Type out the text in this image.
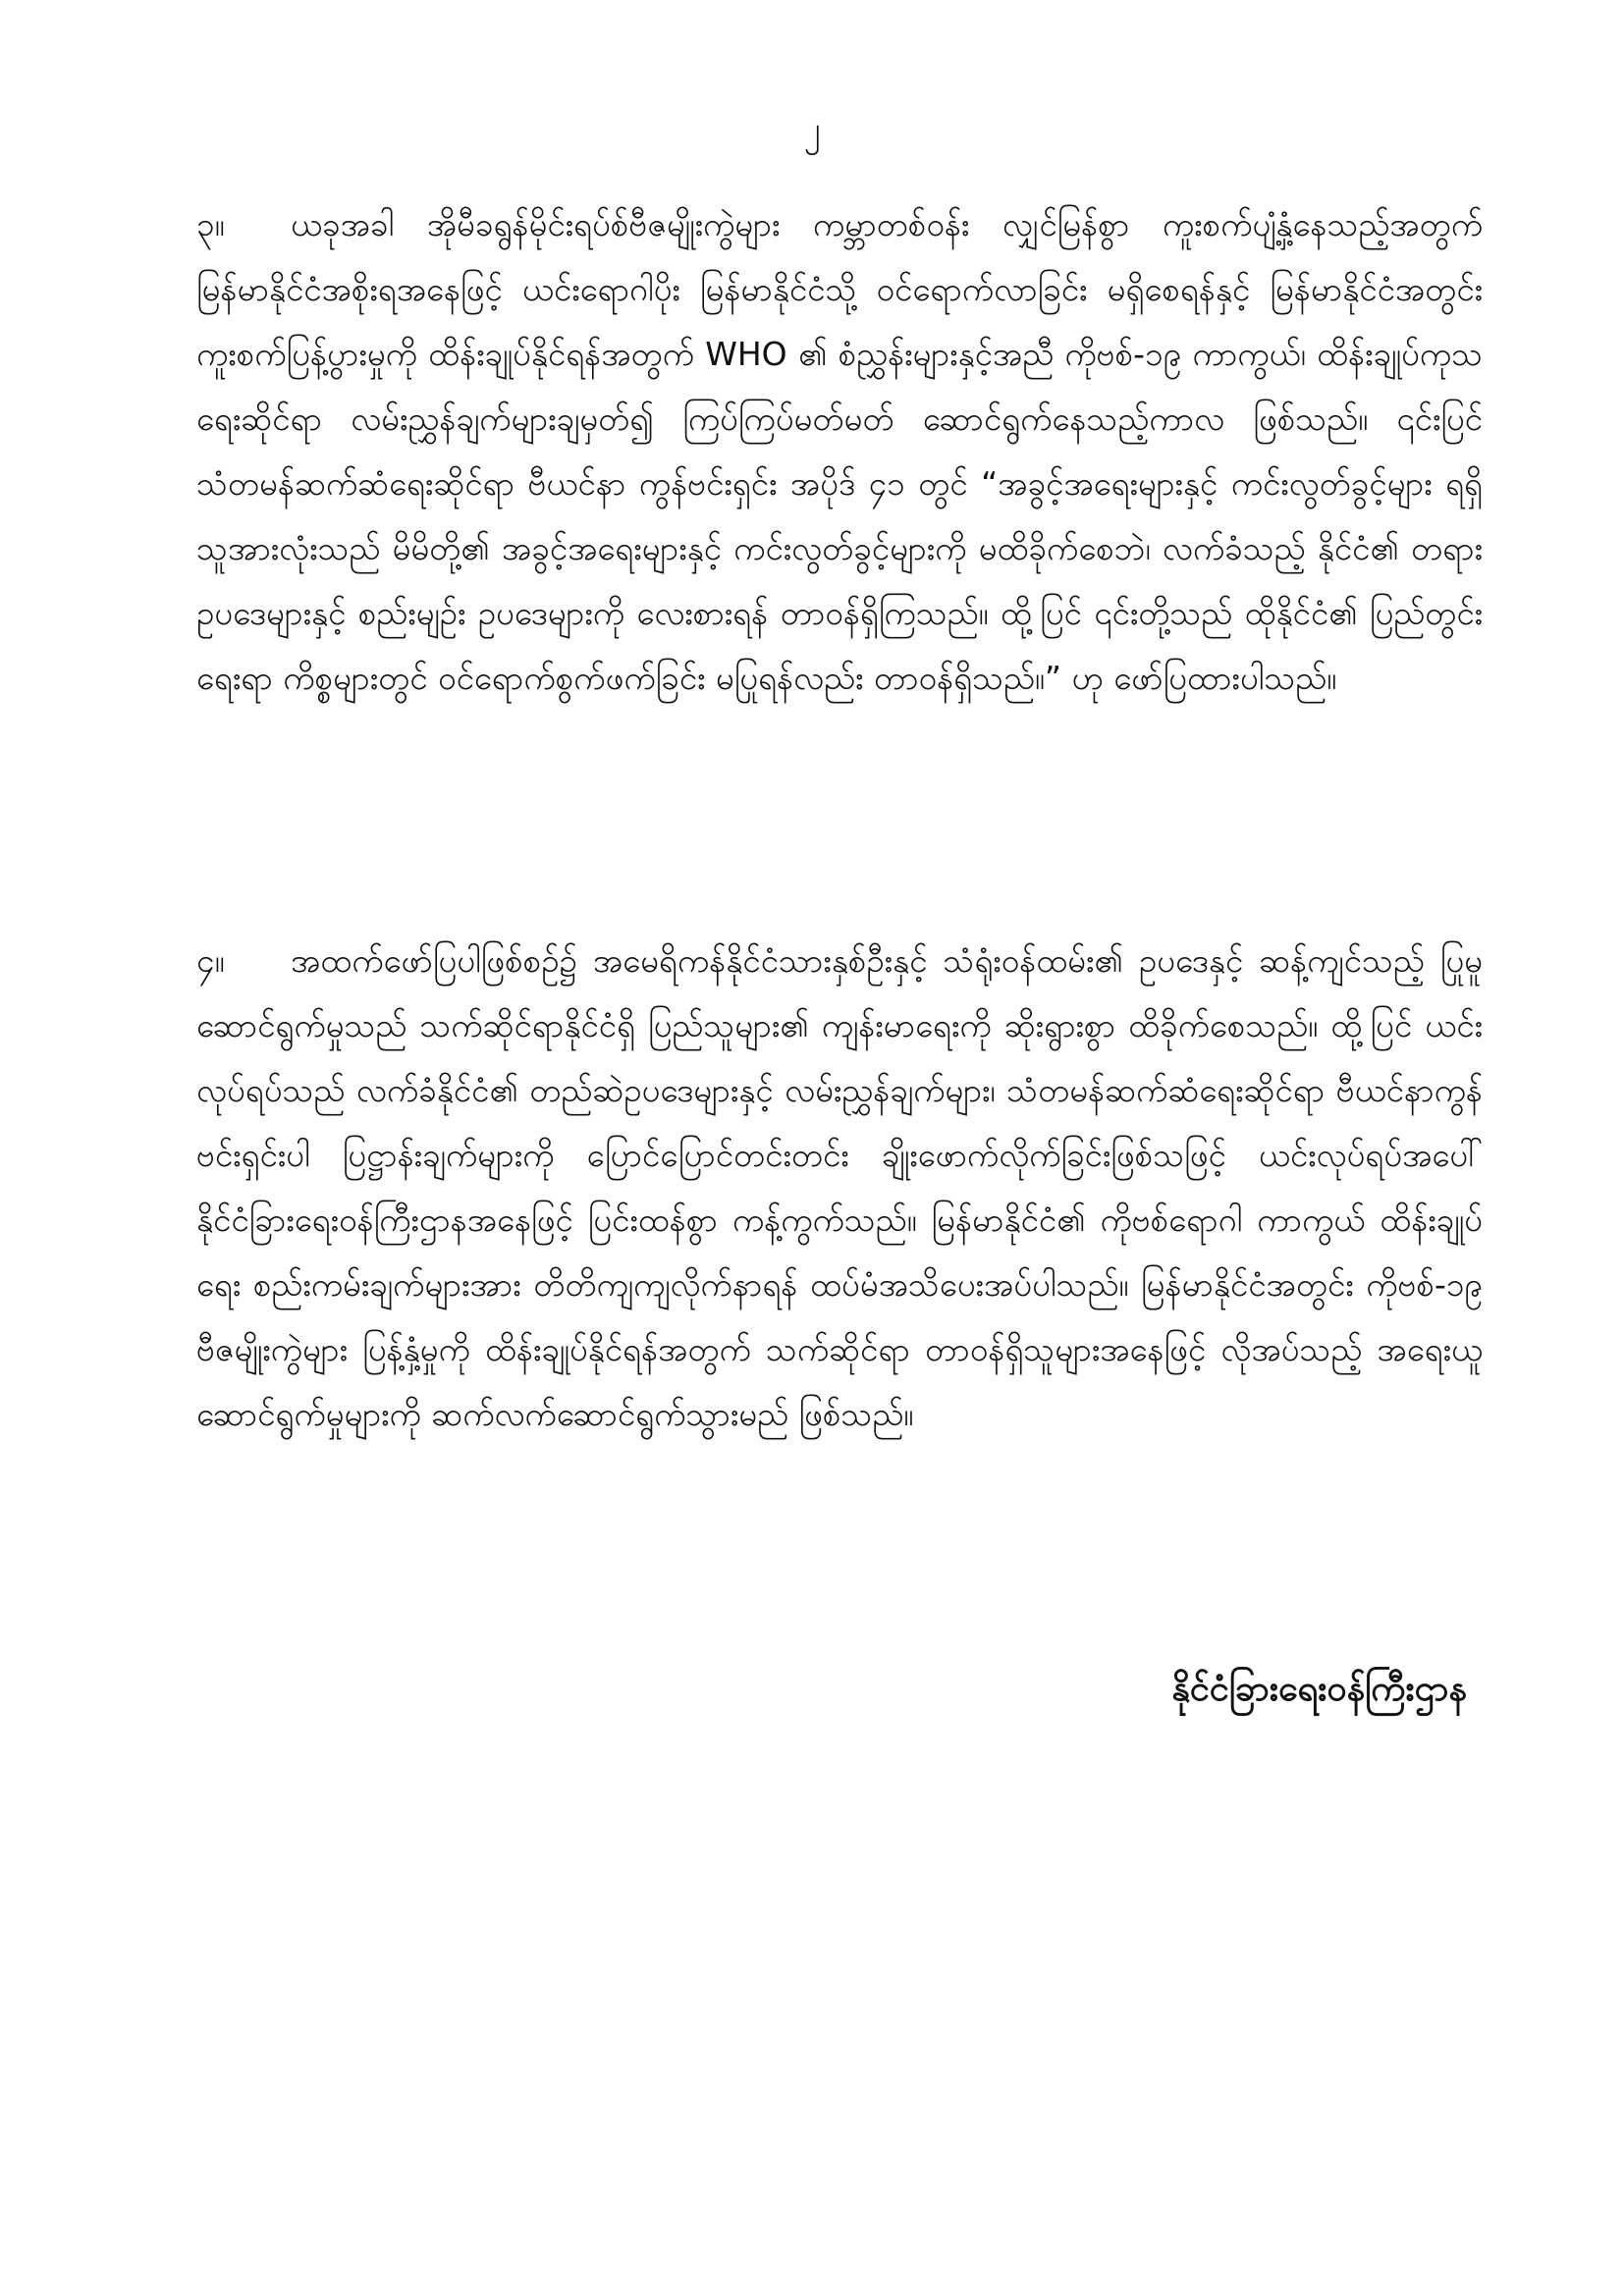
၂
၃။ ယခုအခါ အိုမီခရွန်မိုင်းရပ်စ်ဗီဇမျိုးကွဲများ ကမ္ဘာတစ်ဝန်း လျှင်မြန်စွာ ကူးစက်ပျံ့နှံ့နေသည့်အတွက် မြန်မာနိုင်ငံအစိုးရအနေဖြင့် ယင်းရောဂါပိုး မြန်မာနိုင်ငံသို့ ဝင်ရောက်လာခြင်း မရှိစေရန်နှင့် မြန်မာနိုင်ငံအတွင်း ကူးစက်ပြန့်ပွားမှုကို ထိန်းချုပ်နိုင်ရန်အတွက် WHO ၏ စံညွှန်းများနှင့်အညီ ကိုဗစ်-၁၉ ကာကွယ်၊ ထိန်းချုပ်ကုသရေးဆိုင်ရာ လမ်းညွှန်ချက်များချမှတ်၍ ကြပ်ကြပ်မတ်မတ် ဆောင်ရွက်နေသည့်ကာလ ဖြစ်သည်။ ၎င်းပြင် သံတမန်ဆက်ဆံရေးဆိုင်ရာ ဗီယင်နာ ကွန်ဗင်းရှင်း အပိုဒ် ၄၁ တွင် “အခွင့်အရေးများနှင့် ကင်းလွတ်ခွင့်များ ရရှိသူအားလုံးသည် မိမိတို့၏ အခွင့်အရေးများနှင့် ကင်းလွတ်ခွင့်များကို မထိခိုက်စေဘဲ၊ လက်ခံသည့် နိုင်ငံ၏ တရားဥပဒေများနှင့် စည်းမျဉ်း ဥပဒေများကို လေးစားရန် တာဝန်ရှိကြသည်။ ထို့ပြင် ၎င်းတို့သည် ထိုနိုင်ငံ၏ ပြည်တွင်းရေးရာ ကိစ္စများတွင် ဝင်ရောက်စွက်ဖက်ခြင်း မပြုရန်လည်း တာဝန်ရှိသည်။” ဟု ဖော်ပြထားပါသည်။
၄။ အထက်ဖော်ပြပါဖြစ်စဉ်၌ အမေရိကန်နိုင်ငံသားနှစ်ဦးနှင့် သံရုံးဝန်ထမ်း၏ ဥပဒေနှင့် ဆန့်ကျင်သည့် ပြုမူဆောင်ရွက်မှုသည် သက်ဆိုင်ရာနိုင်ငံရှိ ပြည်သူများ၏ ကျန်းမာရေးကို ဆိုးရွားစွာ ထိခိုက်စေသည်။ ထို့ပြင် ယင်းလုပ်ရပ်သည် လက်ခံနိုင်ငံ၏ တည်ဆဲဥပဒေများနှင့် လမ်းညွှန်ချက်များ၊ သံတမန်ဆက်ဆံရေးဆိုင်ရာ ဗီယင်နာကွန်ဗင်းရှင်းပါ ပြဋ္ဌာန်းချက်များကို ပြောင်ပြောင်တင်းတင်း ချိုးဖောက်လိုက်ခြင်းဖြစ်သဖြင့် ယင်းလုပ်ရပ်အပေါ် နိုင်ငံခြားရေးဝန်ကြီးဌာနအနေဖြင့် ပြင်းထန်စွာ ကန့်ကွက်သည်။ မြန်မာနိုင်ငံ၏ ကိုဗစ်ရောဂါ ကာကွယ် ထိန်းချုပ်ရေး စည်းကမ်းချက်များအား တိတိကျကျလိုက်နာရန် ထပ်မံအသိပေးအပ်ပါသည်။ မြန်မာနိုင်ငံအတွင်း ကိုဗစ်-၁၉ ဗီဇမျိုးကွဲများ ပြန့်နှံ့မှုကို ထိန်းချုပ်နိုင်ရန်အတွက် သက်ဆိုင်ရာ တာဝန်ရှိသူများအနေဖြင့် လိုအပ်သည့် အရေးယူဆောင်ရွက်မှုများကို ဆက်လက်ဆောင်ရွက်သွားမည် ဖြစ်သည်။
နိုင်ငံခြားရေးဝန်ကြီးဌာန
